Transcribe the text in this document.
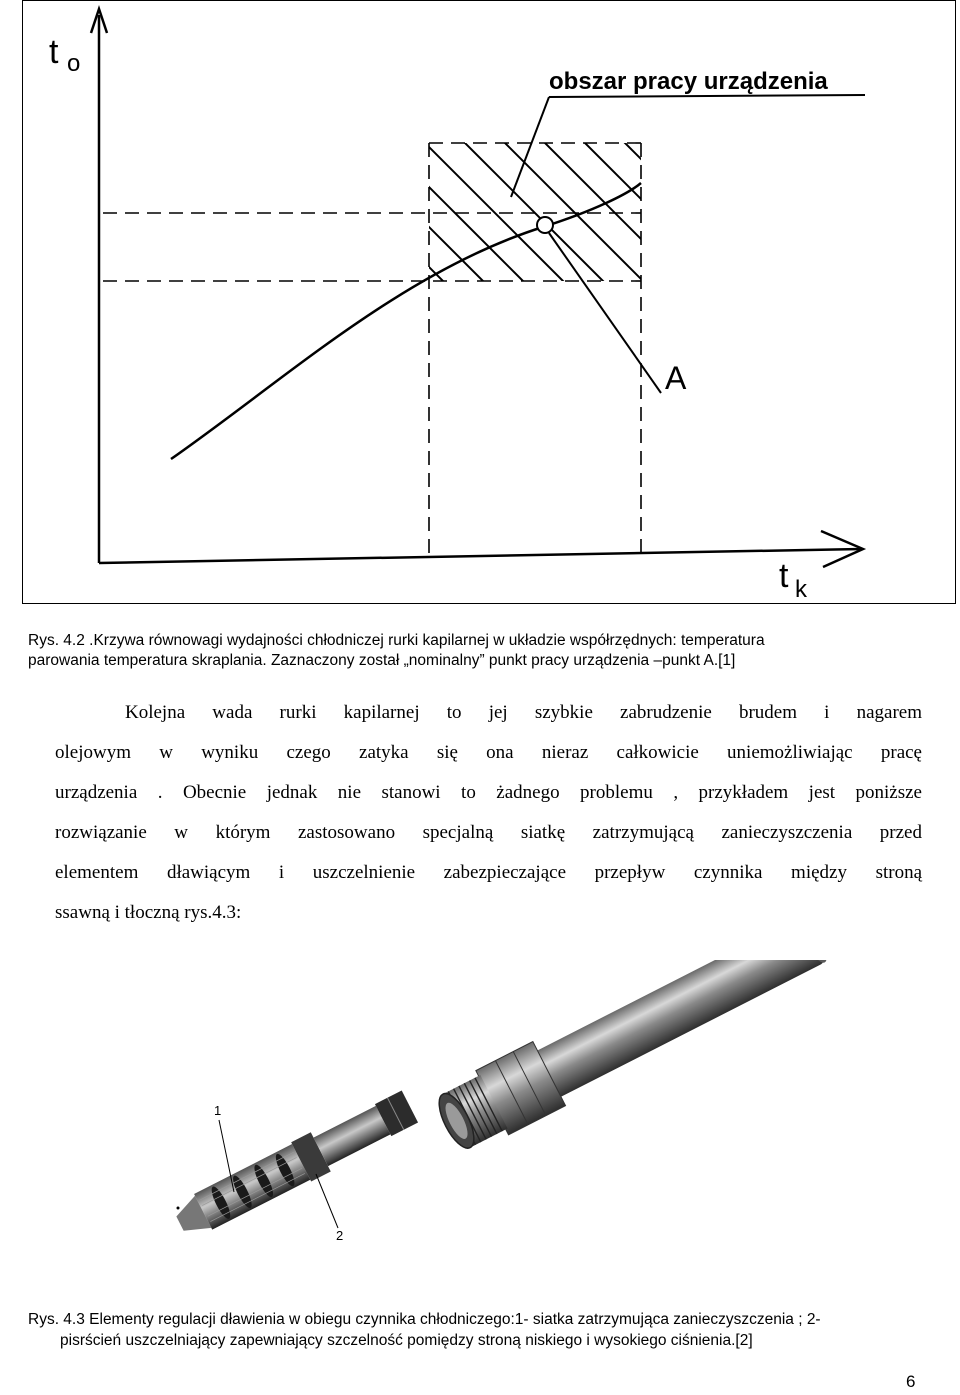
t o
t k
A
obszar pracy urządzenia
Rys. 4.2 .Krzywa równowagi wydajności chłodniczej rurki kapilarnej w układzie współrzędnych: temperatura
parowania temperatura skraplania. Zaznaczony został „nominalny” punkt pracy urządzenia –punkt A.[1]
Kolejna wada rurki kapilarnej to jej szybkie zabrudzenie brudem i nagarem
olejowym w wyniku czego zatyka się ona nieraz całkowicie uniemożliwiając pracę
urządzenia . Obecnie jednak nie stanowi to żadnego problemu , przykładem jest poniższe
rozwiązanie w którym zastosowano specjalną siatkę zatrzymującą zanieczyszczenia przed
elementem dławiącym i uszczelnienie zabezpieczające przepływ czynnika między stroną
ssawną i tłoczną rys.4.3:
1
2
Rys. 4.3 Elementy regulacji dławienia w obiegu czynnika chłodniczego:1- siatka zatrzymująca zanieczyszczenia ; 2-
pisrścień uszczelniający zapewniający szczelność pomiędzy stroną niskiego i wysokiego ciśnienia.[2]
6
